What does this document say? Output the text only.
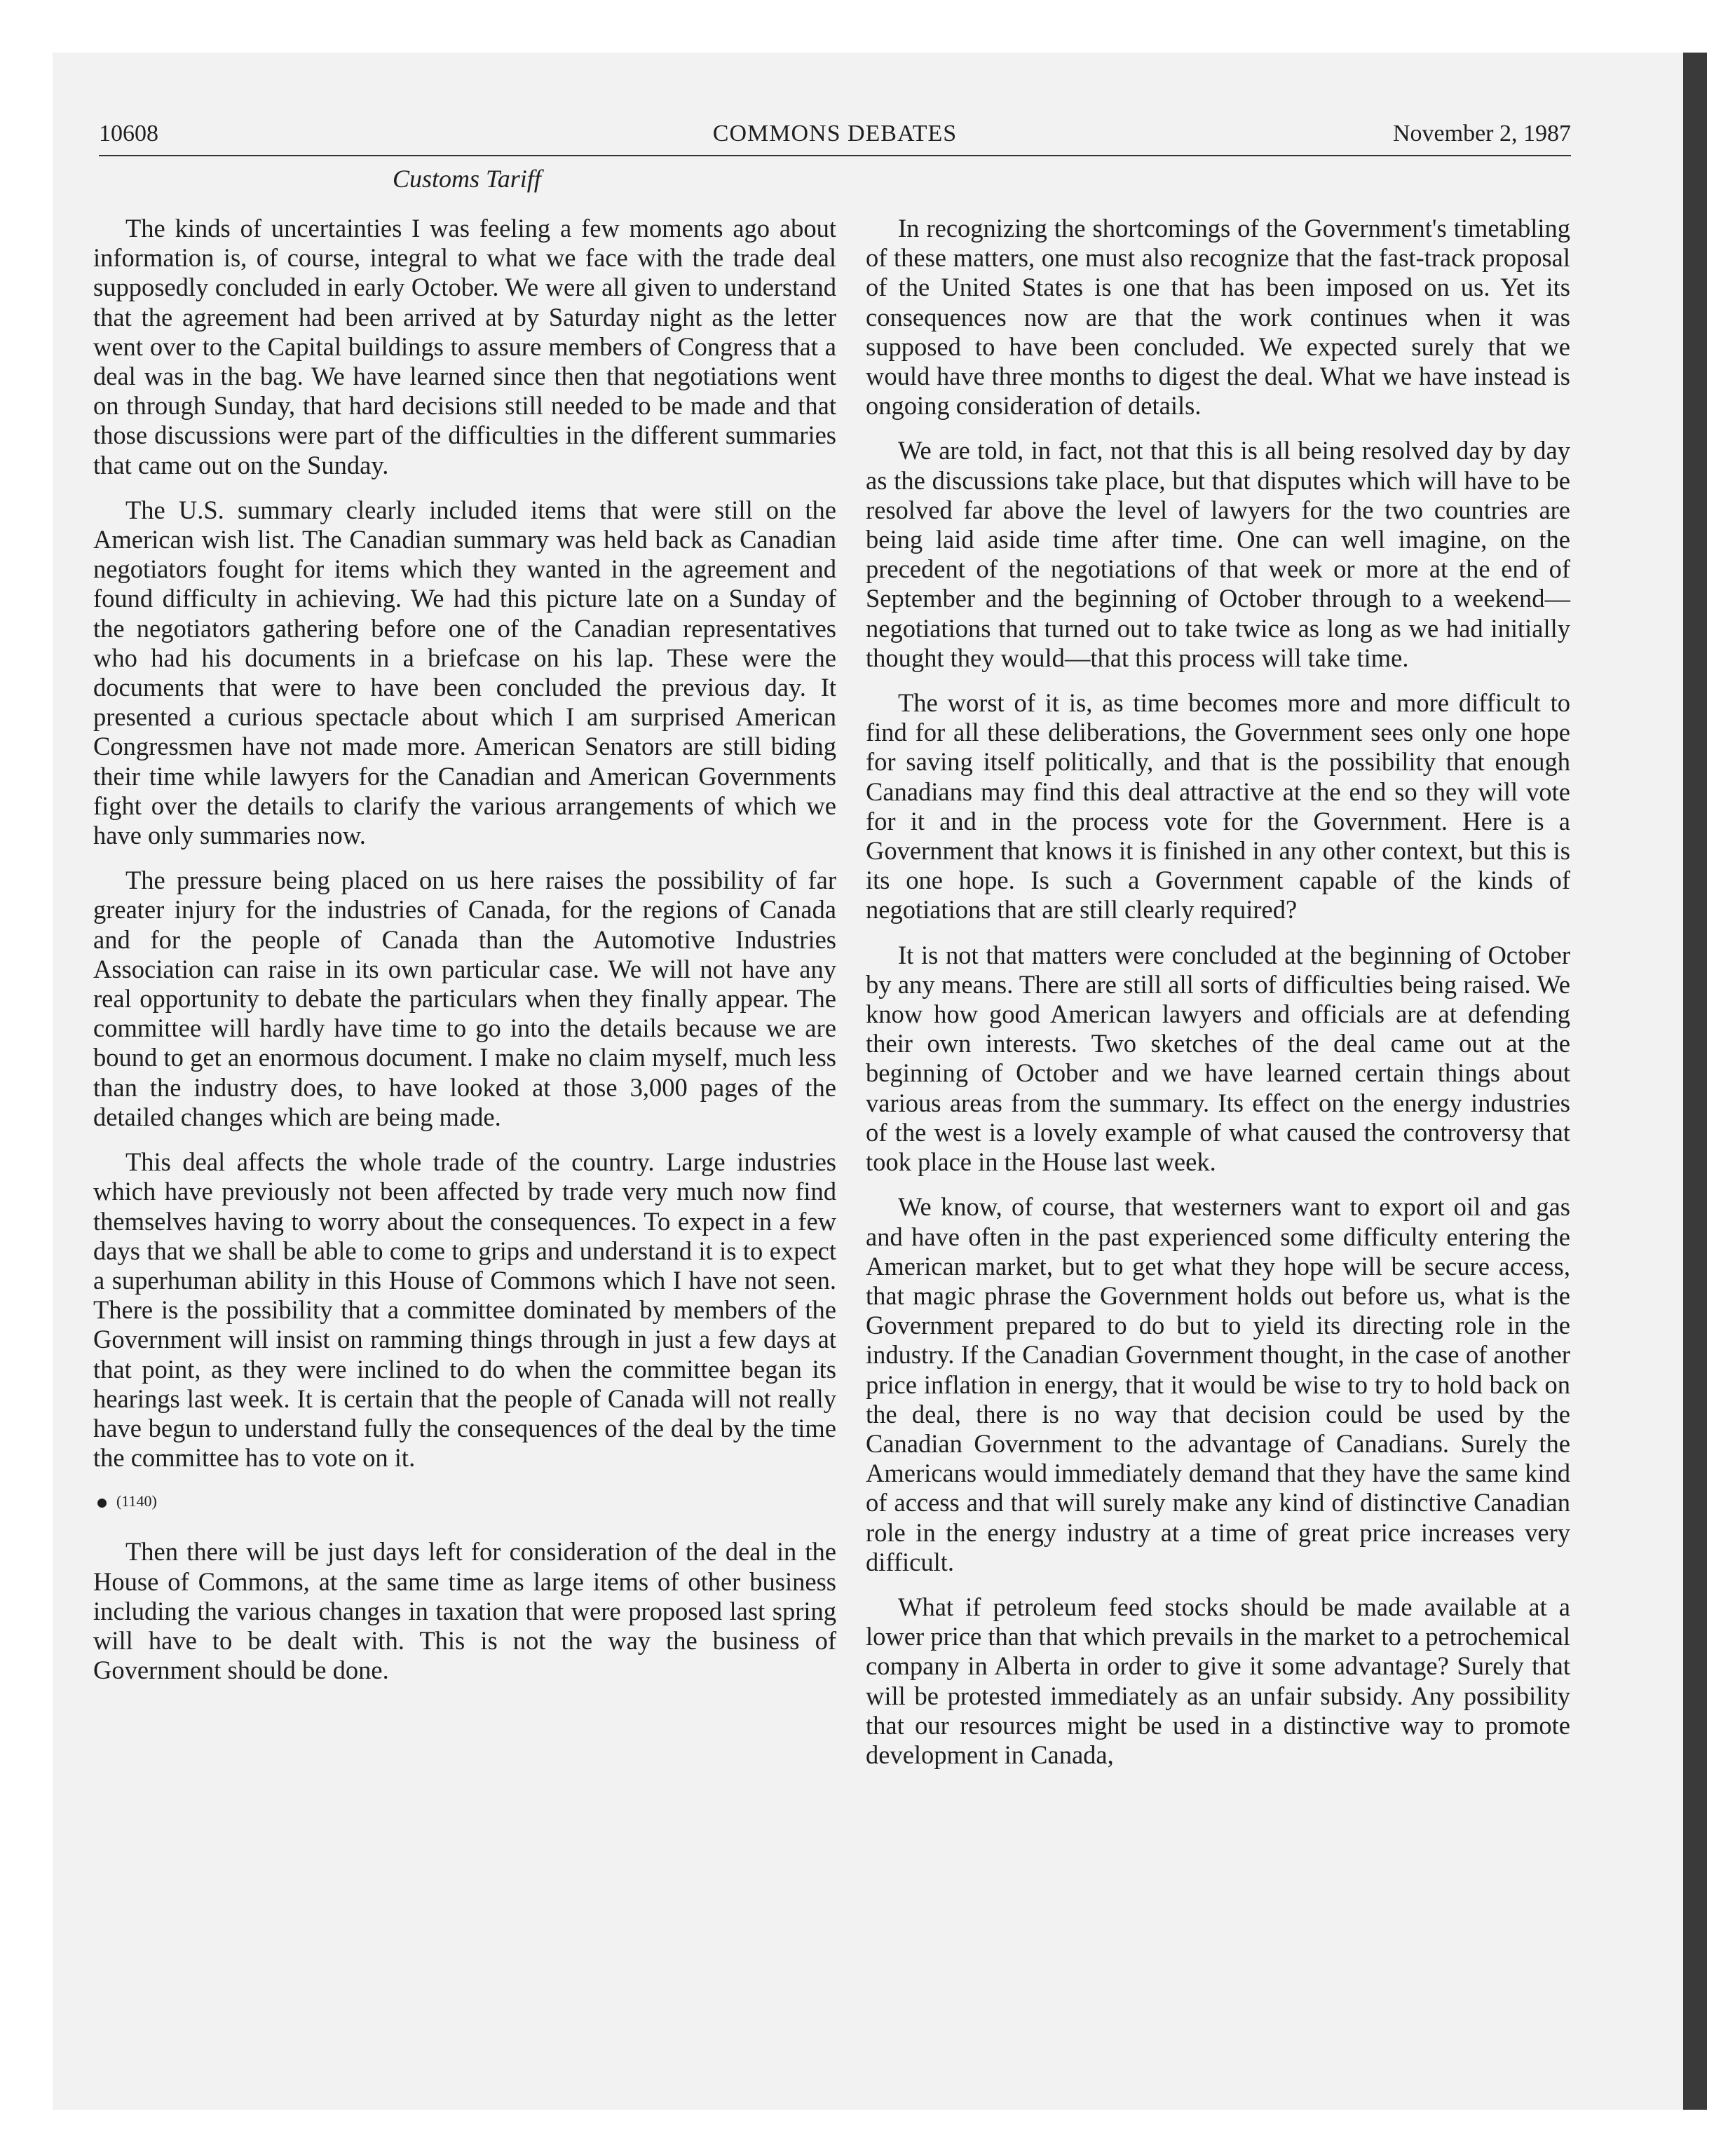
10608	COMMONS DEBATES	November 2, 1987
Customs Tariff

The kinds of uncertainties I was feeling a few moments ago about information is, of course, integral to what we face with the trade deal supposedly concluded in early October. We were all given to understand that the agreement had been arrived at by Saturday night as the letter went over to the Capital buildings to assure members of Congress that a deal was in the bag. We have learned since then that negotiations went on through Sunday, that hard decisions still needed to be made and that those discussions were part of the difficulties in the different summaries that came out on the Sunday.

The U.S. summary clearly included items that were still on the American wish list. The Canadian summary was held back as Canadian negotiators fought for items which they wanted in the agreement and found difficulty in achieving. We had this picture late on a Sunday of the negotiators gathering before one of the Canadian representatives who had his documents in a briefcase on his lap. These were the documents that were to have been concluded the previous day. It presented a curious spectacle about which I am surprised American Congressmen have not made more. American Senators are still biding their time while lawyers for the Canadian and American Governments fight over the details to clarify the various arrangements of which we have only summaries now.

The pressure being placed on us here raises the possibility of far greater injury for the industries of Canada, for the regions of Canada and for the people of Canada than the Automotive Industries Association can raise in its own particular case. We will not have any real opportunity to debate the particulars when they finally appear. The committee will hardly have time to go into the details because we are bound to get an enormous document. I make no claim myself, much less than the industry does, to have looked at those 3,000 pages of the detailed changes which are being made.

This deal affects the whole trade of the country. Large industries which have previously not been affected by trade very much now find themselves having to worry about the consequences. To expect in a few days that we shall be able to come to grips and understand it is to expect a superhuman ability in this House of Commons which I have not seen. There is the possibility that a committee dominated by members of the Government will insist on ramming things through in just a few days at that point, as they were inclined to do when the committee began its hearings last week. It is certain that the people of Canada will not really have begun to understand fully the consequences of the deal by the time the committee has to vote on it.

(1140)

Then there will be just days left for consideration of the deal in the House of Commons, at the same time as large items of other business including the various changes in taxation that were proposed last spring will have to be dealt with. This is not the way the business of Government should be done.

In recognizing the shortcomings of the Government's timetabling of these matters, one must also recognize that the fast-track proposal of the United States is one that has been imposed on us. Yet its consequences now are that the work continues when it was supposed to have been concluded. We expected surely that we would have three months to digest the deal. What we have instead is ongoing consideration of details.

We are told, in fact, not that this is all being resolved day by day as the discussions take place, but that disputes which will have to be resolved far above the level of lawyers for the two countries are being laid aside time after time. One can well imagine, on the precedent of the negotiations of that week or more at the end of September and the beginning of October through to a weekend—negotiations that turned out to take twice as long as we had initially thought they would—that this process will take time.

The worst of it is, as time becomes more and more difficult to find for all these deliberations, the Government sees only one hope for saving itself politically, and that is the possibility that enough Canadians may find this deal attractive at the end so they will vote for it and in the process vote for the Government. Here is a Government that knows it is finished in any other context, but this is its one hope. Is such a Government capable of the kinds of negotiations that are still clearly required?

It is not that matters were concluded at the beginning of October by any means. There are still all sorts of difficulties being raised. We know how good American lawyers and officials are at defending their own interests. Two sketches of the deal came out at the beginning of October and we have learned certain things about various areas from the summary. Its effect on the energy industries of the west is a lovely example of what caused the controversy that took place in the House last week.

We know, of course, that westerners want to export oil and gas and have often in the past experienced some difficulty entering the American market, but to get what they hope will be secure access, that magic phrase the Government holds out before us, what is the Government prepared to do but to yield its directing role in the industry. If the Canadian Government thought, in the case of another price inflation in energy, that it would be wise to try to hold back on the deal, there is no way that decision could be used by the Canadian Government to the advantage of Canadians. Surely the Americans would immediately demand that they have the same kind of access and that will surely make any kind of distinctive Canadian role in the energy industry at a time of great price increases very difficult.

What if petroleum feed stocks should be made available at a lower price than that which prevails in the market to a petrochemical company in Alberta in order to give it some advantage? Surely that will be protested immediately as an unfair subsidy. Any possibility that our resources might be used in a distinctive way to promote development in Canada,
